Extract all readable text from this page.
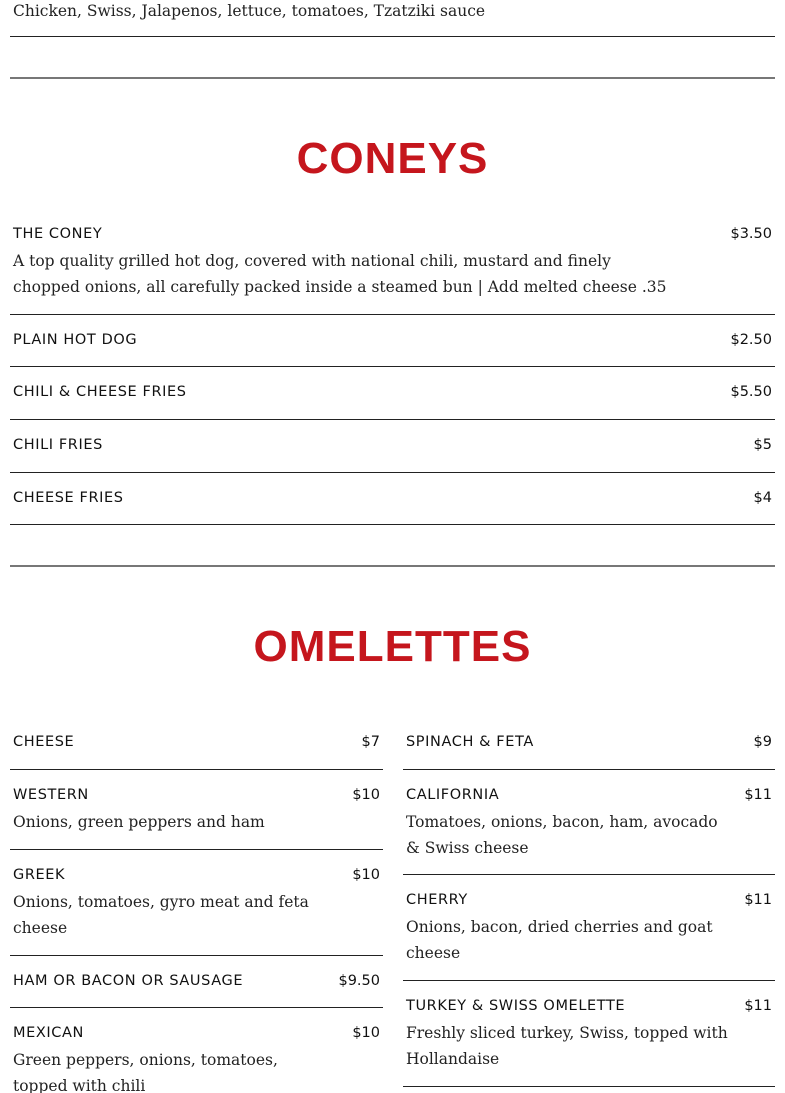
Chicken, Swiss, Jalapenos, lettuce, tomatoes, Tzatziki sauce
CONEYS
THE CONEY	$3.50
A top quality grilled hot dog, covered with national chili, mustard and finely chopped onions, all carefully packed inside a steamed bun | Add melted cheese .35
PLAIN HOT DOG	$2.50
CHILI & CHEESE FRIES	$5.50
CHILI FRIES	$5
CHEESE FRIES	$4
OMELETTES
CHEESE	$7
WESTERN	$10
Onions, green peppers and ham
GREEK	$10
Onions, tomatoes, gyro meat and feta cheese
HAM OR BACON OR SAUSAGE	$9.50
MEXICAN	$10
Green peppers, onions, tomatoes, topped with chili
SPINACH & FETA	$9
CALIFORNIA	$11
Tomatoes, onions, bacon, ham, avocado & Swiss cheese
CHERRY	$11
Onions, bacon, dried cherries and goat cheese
TURKEY & SWISS OMELETTE	$11
Freshly sliced turkey, Swiss, topped with Hollandaise
